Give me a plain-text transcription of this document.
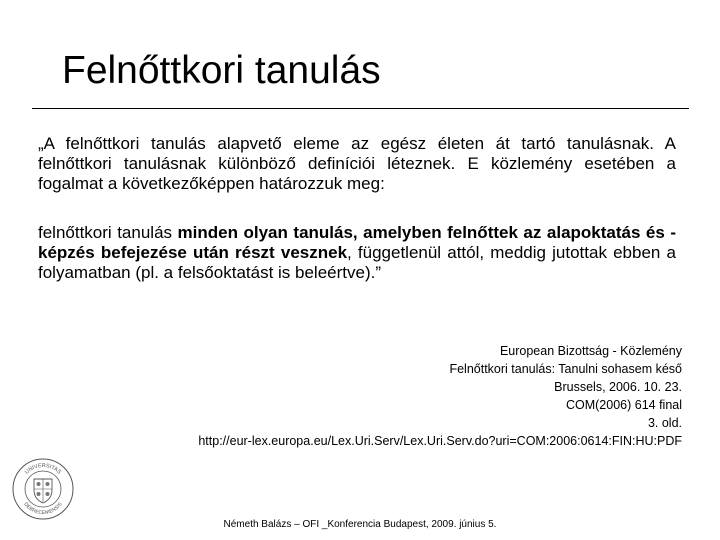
Felnőttkori tanulás
„A felnőttkori tanulás alapvető eleme az egész életen át tartó tanulásnak. A felnőttkori tanulásnak különböző definíciói léteznek. E közlemény esetében a fogalmat a következőképpen határozzuk meg:
felnőttkori tanulás minden olyan tanulás, amelyben felnőttek az alapoktatás és -képzés befejezése után részt vesznek, függetlenül attól, meddig jutottak ebben a folyamatban (pl. a felsőoktatást is beleértve).”
European Bizottság - Közlemény
Felnőttkori tanulás: Tanulni sohasem késő
Brussels, 2006. 10. 23.
COM(2006) 614 final
3. old.
http://eur-lex.europa.eu/Lex.Uri.Serv/Lex.Uri.Serv.do?uri=COM:2006:0614:FIN:HU:PDF
UNIVERSITAS
DEBRECENIENSIS
Németh Balázs – OFI _Konferencia Budapest, 2009. június 5.
